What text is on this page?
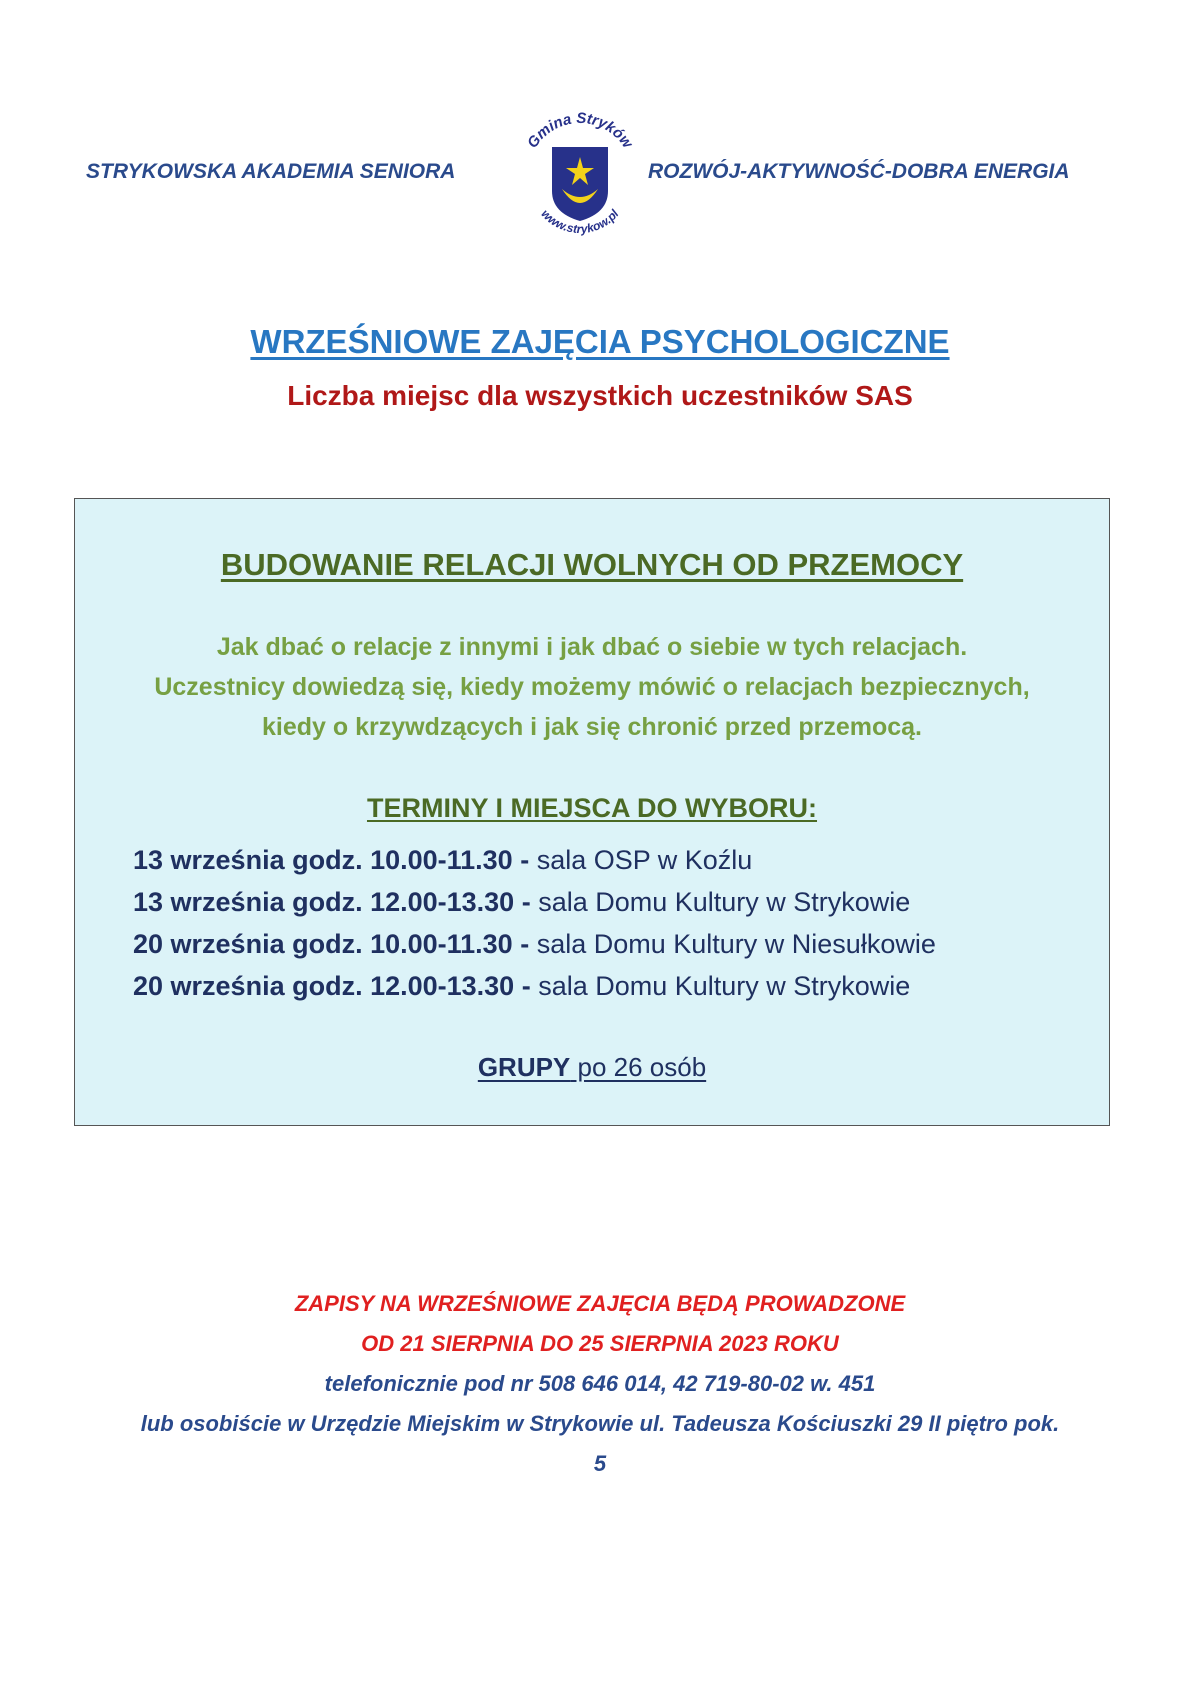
STRYKOWSKA AKADEMIA SENIORA
Gmina Stryków
www.strykow.pl
ROZWÓJ-AKTYWNOŚĆ-DOBRA ENERGIA
WRZEŚNIOWE ZAJĘCIA PSYCHOLOGICZNE
Liczba miejsc dla wszystkich uczestników SAS
BUDOWANIE RELACJI WOLNYCH OD PRZEMOCY
Jak dbać o relacje z innymi i jak dbać o siebie w tych relacjach.
Uczestnicy dowiedzą się, kiedy możemy mówić o relacjach bezpiecznych,
kiedy o krzywdzących i jak się chronić przed przemocą.
TERMINY I MIEJSCA DO WYBORU:
13 września godz. 10.00-11.30 - sala OSP w Koźlu
13 września godz. 12.00-13.30 - sala Domu Kultury w Strykowie
20 września godz. 10.00-11.30 - sala Domu Kultury w Niesułkowie
20 września godz. 12.00-13.30 - sala Domu Kultury w Strykowie
GRUPY po 26 osób
ZAPISY NA WRZEŚNIOWE ZAJĘCIA BĘDĄ PROWADZONE
OD 21 SIERPNIA DO 25 SIERPNIA 2023 ROKU
telefonicznie pod nr 508 646 014, 42 719-80-02 w. 451
lub osobiście w Urzędzie Miejskim w Strykowie ul. Tadeusza Kościuszki 29 II piętro pok.
5
